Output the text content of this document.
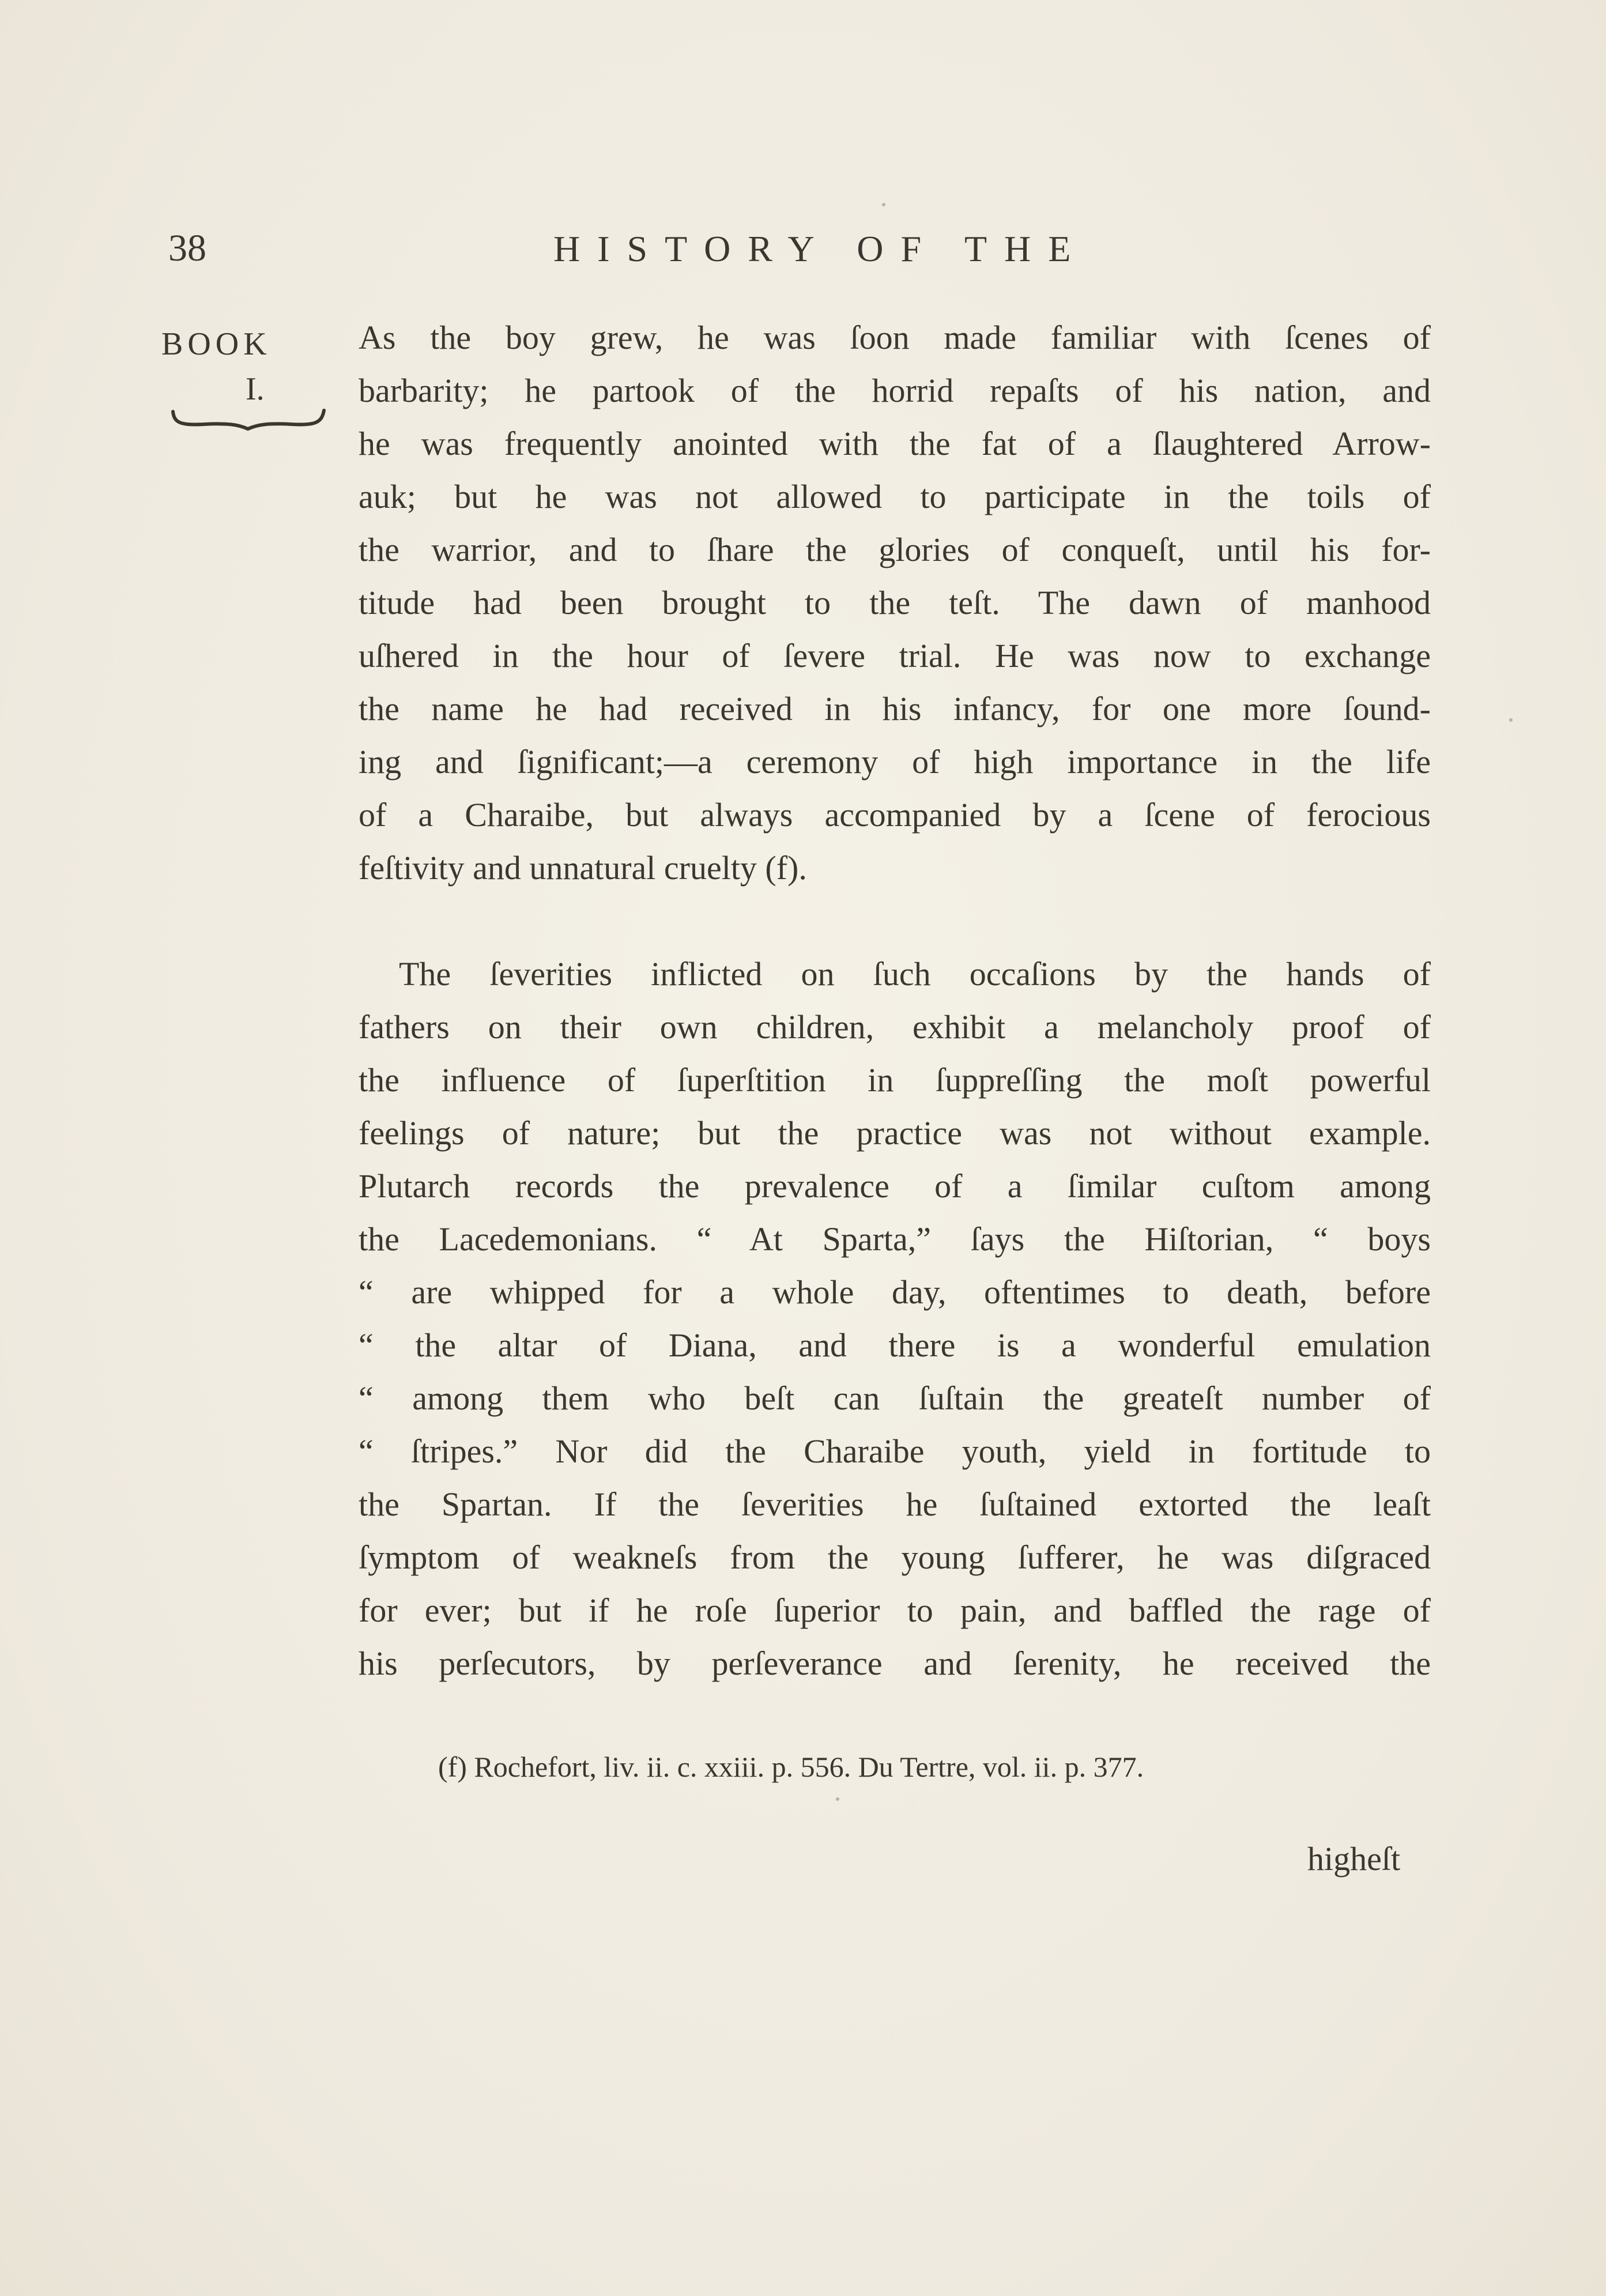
38	HISTORY OF THE
BOOK
I.
As the boy grew, he was ſoon made familiar with ſcenes of
barbarity; he partook of the horrid repaſts of his nation, and
he was frequently anointed with the fat of a ſlaughtered Arrow-
auk; but he was not allowed to participate in the toils of
the warrior, and to ſhare the glories of conqueſt, until his for-
titude had been brought to the teſt. The dawn of manhood
uſhered in the hour of ſevere trial. He was now to exchange
the name he had received in his infancy, for one more ſound-
ing and ſignificant;—a ceremony of high importance in the life
of a Charaibe, but always accompanied by a ſcene of ferocious
feſtivity and unnatural cruelty (f).
The ſeverities inflicted on ſuch occaſions by the hands of
fathers on their own children, exhibit a melancholy proof of
the influence of ſuperſtition in ſuppreſſing the moſt powerful
feelings of nature; but the practice was not without example.
Plutarch records the prevalence of a ſimilar cuſtom among
the Lacedemonians. “ At Sparta,” ſays the Hiſtorian, “ boys
“ are whipped for a whole day, oftentimes to death, before
“ the altar of Diana, and there is a wonderful emulation
“ among them who beſt can ſuſtain the greateſt number of
“ ſtripes.” Nor did the Charaibe youth, yield in fortitude to
the Spartan. If the ſeverities he ſuſtained extorted the leaſt
ſymptom of weakneſs from the young ſufferer, he was diſgraced
for ever; but if he roſe ſuperior to pain, and baffled the rage of
his perſecutors, by perſeverance and ſerenity, he received the
(f) Rochefort, liv. ii. c. xxiii. p. 556. Du Tertre, vol. ii. p. 377.
higheſt
